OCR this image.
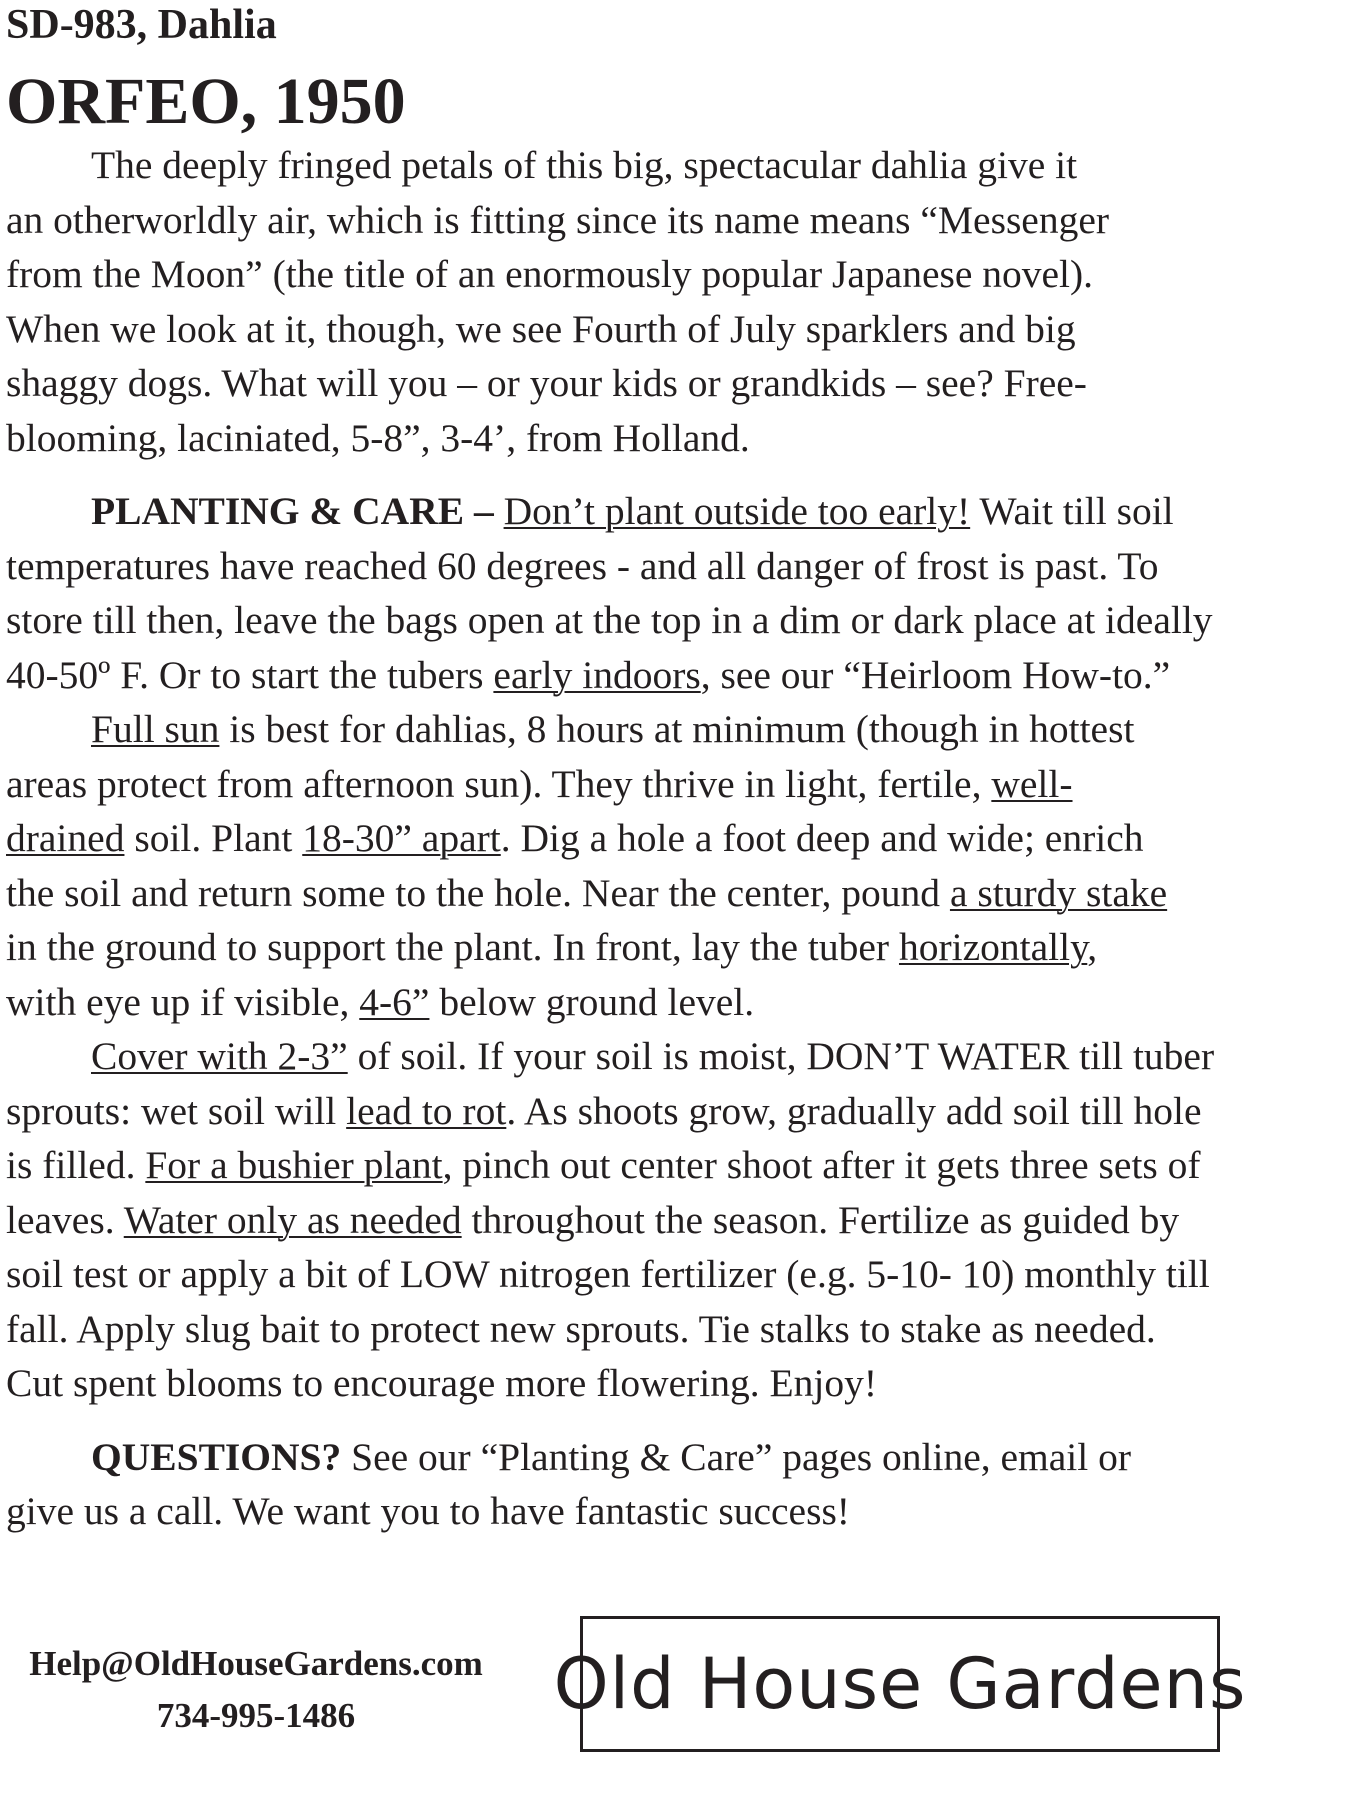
SD-983, Dahlia
ORFEO, 1950

The deeply fringed petals of this big, spectacular dahlia give it
an otherworldly air, which is fitting since its name means “Messenger
from the Moon” (the title of an enormously popular Japanese novel).
When we look at it, though, we see Fourth of July sparklers and big
shaggy dogs. What will you – or your kids or grandkids – see? Free-
blooming, laciniated, 5-8”, 3-4’, from Holland.

PLANTING & CARE – Don’t plant outside too early! Wait till soil
temperatures have reached 60 degrees - and all danger of frost is past. To
store till then, leave the bags open at the top in a dim or dark place at ideally
40-50º F. Or to start the tubers early indoors, see our “Heirloom How-to.”

Full sun is best for dahlias, 8 hours at minimum (though in hottest
areas protect from afternoon sun). They thrive in light, fertile, well-
drained soil. Plant 18-30” apart. Dig a hole a foot deep and wide; enrich
the soil and return some to the hole. Near the center, pound a sturdy stake
in the ground to support the plant. In front, lay the tuber horizontally,
with eye up if visible, 4-6” below ground level.

Cover with 2-3” of soil. If your soil is moist, DON’T WATER till tuber
sprouts: wet soil will lead to rot. As shoots grow, gradually add soil till hole
is filled. For a bushier plant, pinch out center shoot after it gets three sets of
leaves. Water only as needed throughout the season. Fertilize as guided by
soil test or apply a bit of LOW nitrogen fertilizer (e.g. 5-10- 10) monthly till
fall. Apply slug bait to protect new sprouts. Tie stalks to stake as needed.
Cut spent blooms to encourage more flowering. Enjoy!

QUESTIONS? See our “Planting & Care” pages online, email or
give us a call. We want you to have fantastic success!

Help@OldHouseGardens.com
734-995-1486	Old House Gardens
